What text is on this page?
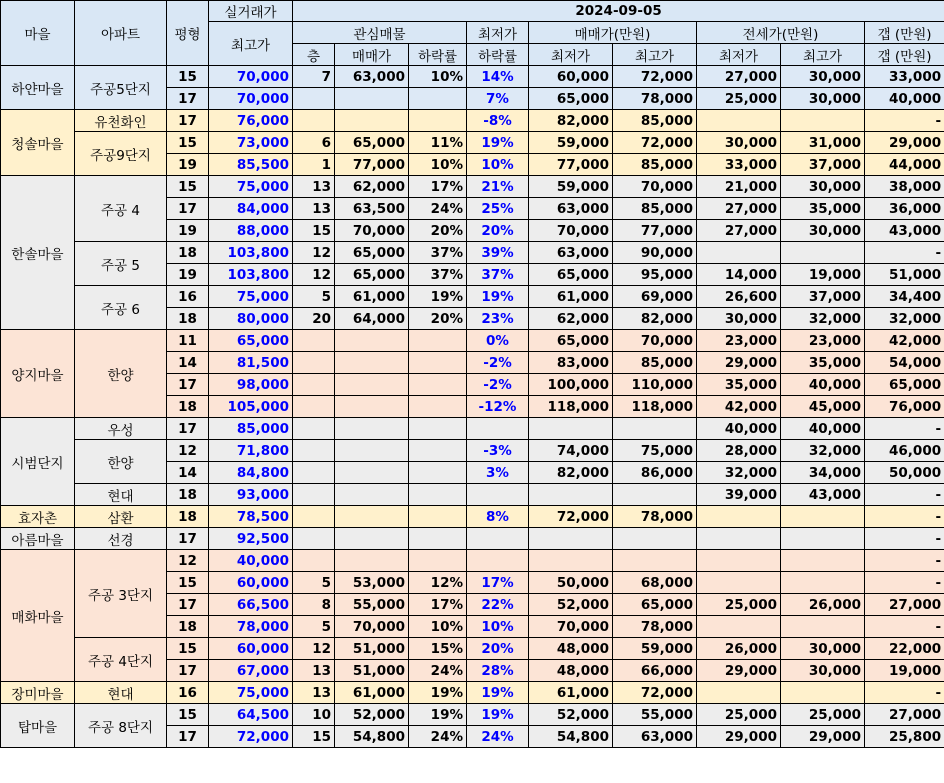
마을	아파트	평형	실거래가	2024-09-05								
			최고가	관심매물			최저가	매매가(만원)		전세가(만원)		갭 (만원)
				층	매매가	하락률	하락률	최저가	최고가	최저가	최고가	갭 (만원)
하얀마을	주공5단지	15	70,000	7	63,000	10%	14%	60,000	72,000	27,000	30,000	33,000
		17	70,000				7%	65,000	78,000	25,000	30,000	40,000
청솔마을	유천화인	17	76,000				-8%	82,000	85,000			-
	주공9단지	15	73,000	6	65,000	11%	19%	59,000	72,000	30,000	31,000	29,000
		19	85,500	1	77,000	10%	10%	77,000	85,000	33,000	37,000	44,000
한솔마을	주공 4	15	75,000	13	62,000	17%	21%	59,000	70,000	21,000	30,000	38,000
		17	84,000	13	63,500	24%	25%	63,000	85,000	27,000	35,000	36,000
		19	88,000	15	70,000	20%	20%	70,000	77,000	27,000	30,000	43,000
	주공 5	18	103,800	12	65,000	37%	39%	63,000	90,000			-
		19	103,800	12	65,000	37%	37%	65,000	95,000	14,000	19,000	51,000
	주공 6	16	75,000	5	61,000	19%	19%	61,000	69,000	26,600	37,000	34,400
		18	80,000	20	64,000	20%	23%	62,000	82,000	30,000	32,000	32,000
양지마을	한양	11	65,000				0%	65,000	70,000	23,000	23,000	42,000
		14	81,500				-2%	83,000	85,000	29,000	35,000	54,000
		17	98,000				-2%	100,000	110,000	35,000	40,000	65,000
		18	105,000				-12%	118,000	118,000	42,000	45,000	76,000
시범단지	우성	17	85,000							40,000	40,000	-
	한양	12	71,800				-3%	74,000	75,000	28,000	32,000	46,000
		14	84,800				3%	82,000	86,000	32,000	34,000	50,000
	현대	18	93,000							39,000	43,000	-
효자촌	삼환	18	78,500				8%	72,000	78,000			-
아름마을	선경	17	92,500									-
매화마을	주공 3단지	12	40,000									-
		15	60,000	5	53,000	12%	17%	50,000	68,000			-
		17	66,500	8	55,000	17%	22%	52,000	65,000	25,000	26,000	27,000
		18	78,000	5	70,000	10%	10%	70,000	78,000			-
	주공 4단지	15	60,000	12	51,000	15%	20%	48,000	59,000	26,000	30,000	22,000
		17	67,000	13	51,000	24%	28%	48,000	66,000	29,000	30,000	19,000
장미마을	현대	16	75,000	13	61,000	19%	19%	61,000	72,000			-
탑마을	주공 8단지	15	64,500	10	52,000	19%	19%	52,000	55,000	25,000	25,000	27,000
		17	72,000	15	54,800	24%	24%	54,800	63,000	29,000	29,000	25,800
